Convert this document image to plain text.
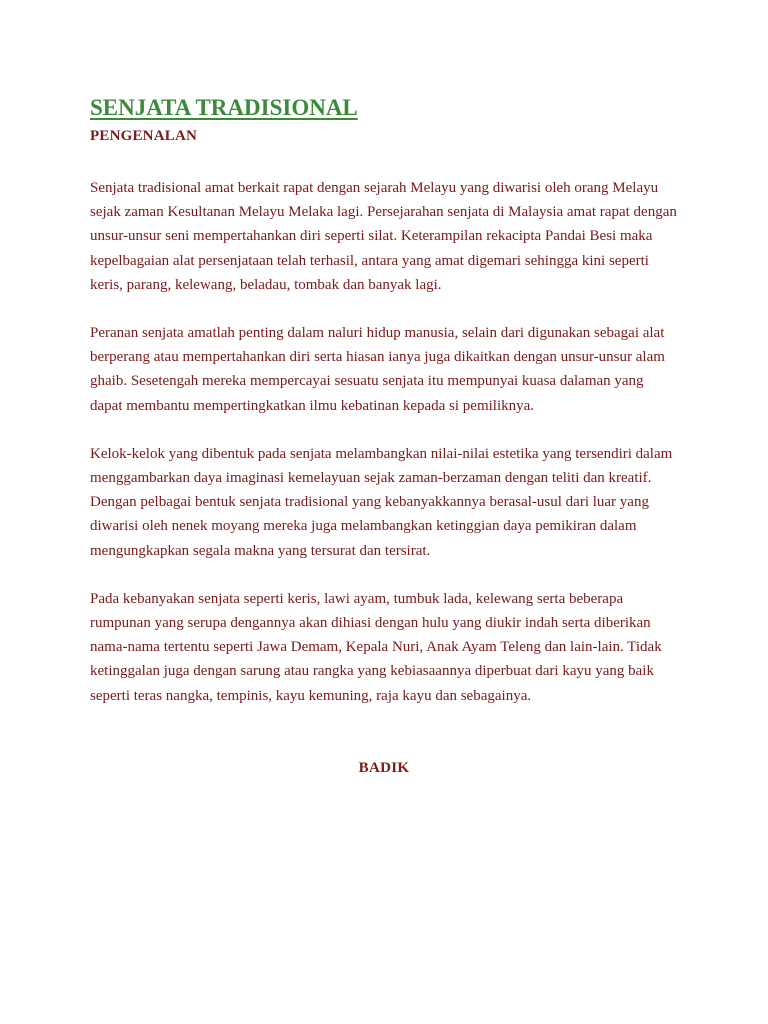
SENJATA TRADISIONAL
PENGENALAN

Senjata tradisional amat berkait rapat dengan sejarah Melayu yang diwarisi oleh orang Melayu sejak zaman Kesultanan Melayu Melaka lagi. Persejarahan senjata di Malaysia amat rapat dengan unsur-unsur seni mempertahankan diri seperti silat. Keterampilan rekacipta Pandai Besi maka kepelbagaian alat persenjataan telah terhasil, antara yang amat digemari sehingga kini seperti keris, parang, kelewang, beladau, tombak dan banyak lagi.

Peranan senjata amatlah penting dalam naluri hidup manusia, selain dari digunakan sebagai alat berperang atau mempertahankan diri serta hiasan ianya juga dikaitkan dengan unsur-unsur alam ghaib. Sesetengah mereka mempercayai sesuatu senjata itu mempunyai kuasa dalaman yang dapat membantu mempertingkatkan ilmu kebatinan kepada si pemiliknya.

Kelok-kelok yang dibentuk pada senjata melambangkan nilai-nilai estetika yang tersendiri dalam menggambarkan daya imaginasi kemelayuan sejak zaman-berzaman dengan teliti dan kreatif. Dengan pelbagai bentuk senjata tradisional yang kebanyakkannya berasal-usul dari luar yang diwarisi oleh nenek moyang mereka juga melambangkan ketinggian daya pemikiran dalam mengungkapkan segala makna yang tersurat dan tersirat.

Pada kebanyakan senjata seperti keris, lawi ayam, tumbuk lada, kelewang serta beberapa rumpunan yang serupa dengannya akan dihiasi dengan hulu yang diukir indah serta diberikan nama-nama tertentu seperti Jawa Demam, Kepala Nuri, Anak Ayam Teleng dan lain-lain. Tidak ketinggalan juga dengan sarung atau rangka yang kebiasaannya diperbuat dari kayu yang baik seperti teras nangka, tempinis, kayu kemuning, raja kayu dan sebagainya.

BADIK
